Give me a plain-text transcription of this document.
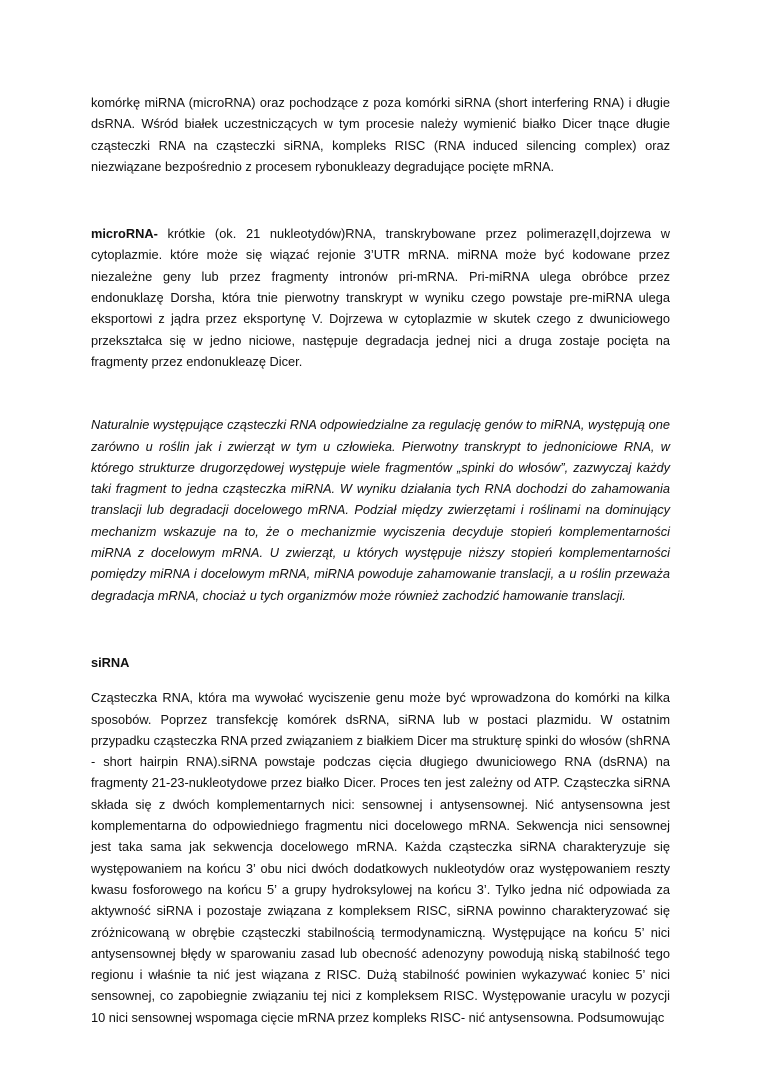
komórkę miRNA (microRNA) oraz pochodzące z poza komórki siRNA (short interfering RNA) i długie dsRNA. Wśród białek uczestniczących w tym procesie należy wymienić białko Dicer tnące długie cząsteczki RNA na cząsteczki siRNA, kompleks RISC (RNA induced silencing complex) oraz niezwiązane bezpośrednio z procesem rybonukleazy degradujące pocięte mRNA.

microRNA- krótkie (ok. 21 nukleotydów)RNA, transkrybowane przez polimerazęII,dojrzewa w cytoplazmie. które może się wiązać rejonie 3’UTR mRNA. miRNA może być kodowane przez niezależne geny lub przez fragmenty intronów pri-mRNA. Pri-miRNA ulega obróbce przez endonuklazę Dorsha, która tnie pierwotny transkrypt w wyniku czego powstaje pre-miRNA ulega eksportowi z jądra przez eksportynę V. Dojrzewa w cytoplazmie w skutek czego z dwuniciowego przekształca się w jedno niciowe, następuje degradacja jednej nici a druga zostaje pocięta na fragmenty przez endonukleazę Dicer.

Naturalnie występujące cząsteczki RNA odpowiedzialne za regulację genów to miRNA, występują one zarówno u roślin jak i zwierząt w tym u człowieka. Pierwotny transkrypt to jednoniciowe RNA, w którego strukturze drugorzędowej występuje wiele fragmentów „spinki do włosów”, zazwyczaj każdy taki fragment to jedna cząsteczka miRNA. W wyniku działania tych RNA dochodzi do zahamowania translacji lub degradacji docelowego mRNA. Podział między zwierzętami i roślinami na dominujący mechanizm wskazuje na to, że o mechanizmie wyciszenia decyduje stopień komplementarności miRNA z docelowym mRNA. U zwierząt, u których występuje niższy stopień komplementarności pomiędzy miRNA i docelowym mRNA, miRNA powoduje zahamowanie translacji, a u roślin przeważa degradacja mRNA, chociaż u tych organizmów może również zachodzić hamowanie translacji.

siRNA

Cząsteczka RNA, która ma wywołać wyciszenie genu może być wprowadzona do komórki na kilka sposobów. Poprzez transfekcję komórek dsRNA, siRNA lub w postaci plazmidu. W ostatnim przypadku cząsteczka RNA przed związaniem z białkiem Dicer ma strukturę spinki do włosów (shRNA - short hairpin RNA).siRNA powstaje podczas cięcia długiego dwuniciowego RNA (dsRNA) na fragmenty 21-23-nukleotydowe przez białko Dicer. Proces ten jest zależny od ATP. Cząsteczka siRNA składa się z dwóch komplementarnych nici: sensownej i antysensownej. Nić antysensowna jest komplementarna do odpowiedniego fragmentu nici docelowego mRNA. Sekwencja nici sensownej jest taka sama jak sekwencja docelowego mRNA. Każda cząsteczka siRNA charakteryzuje się występowaniem na końcu 3’ obu nici dwóch dodatkowych nukleotydów oraz występowaniem reszty kwasu fosforowego na końcu 5’ a grupy hydroksylowej na końcu 3’. Tylko jedna nić odpowiada za aktywność siRNA i pozostaje związana z kompleksem RISC, siRNA powinno charakteryzować się zróżnicowaną w obrębie cząsteczki stabilnością termodynamiczną. Występujące na końcu 5’ nici antysensownej błędy w sparowaniu zasad lub obecność adenozyny powodują niską stabilność tego regionu i właśnie ta nić jest wiązana z RISC. Dużą stabilność powinien wykazywać koniec 5’ nici sensownej, co zapobiegnie związaniu tej nici z kompleksem RISC. Występowanie uracylu w pozycji 10 nici sensownej wspomaga cięcie mRNA przez kompleks RISC- nić antysensowna. Podsumowując
